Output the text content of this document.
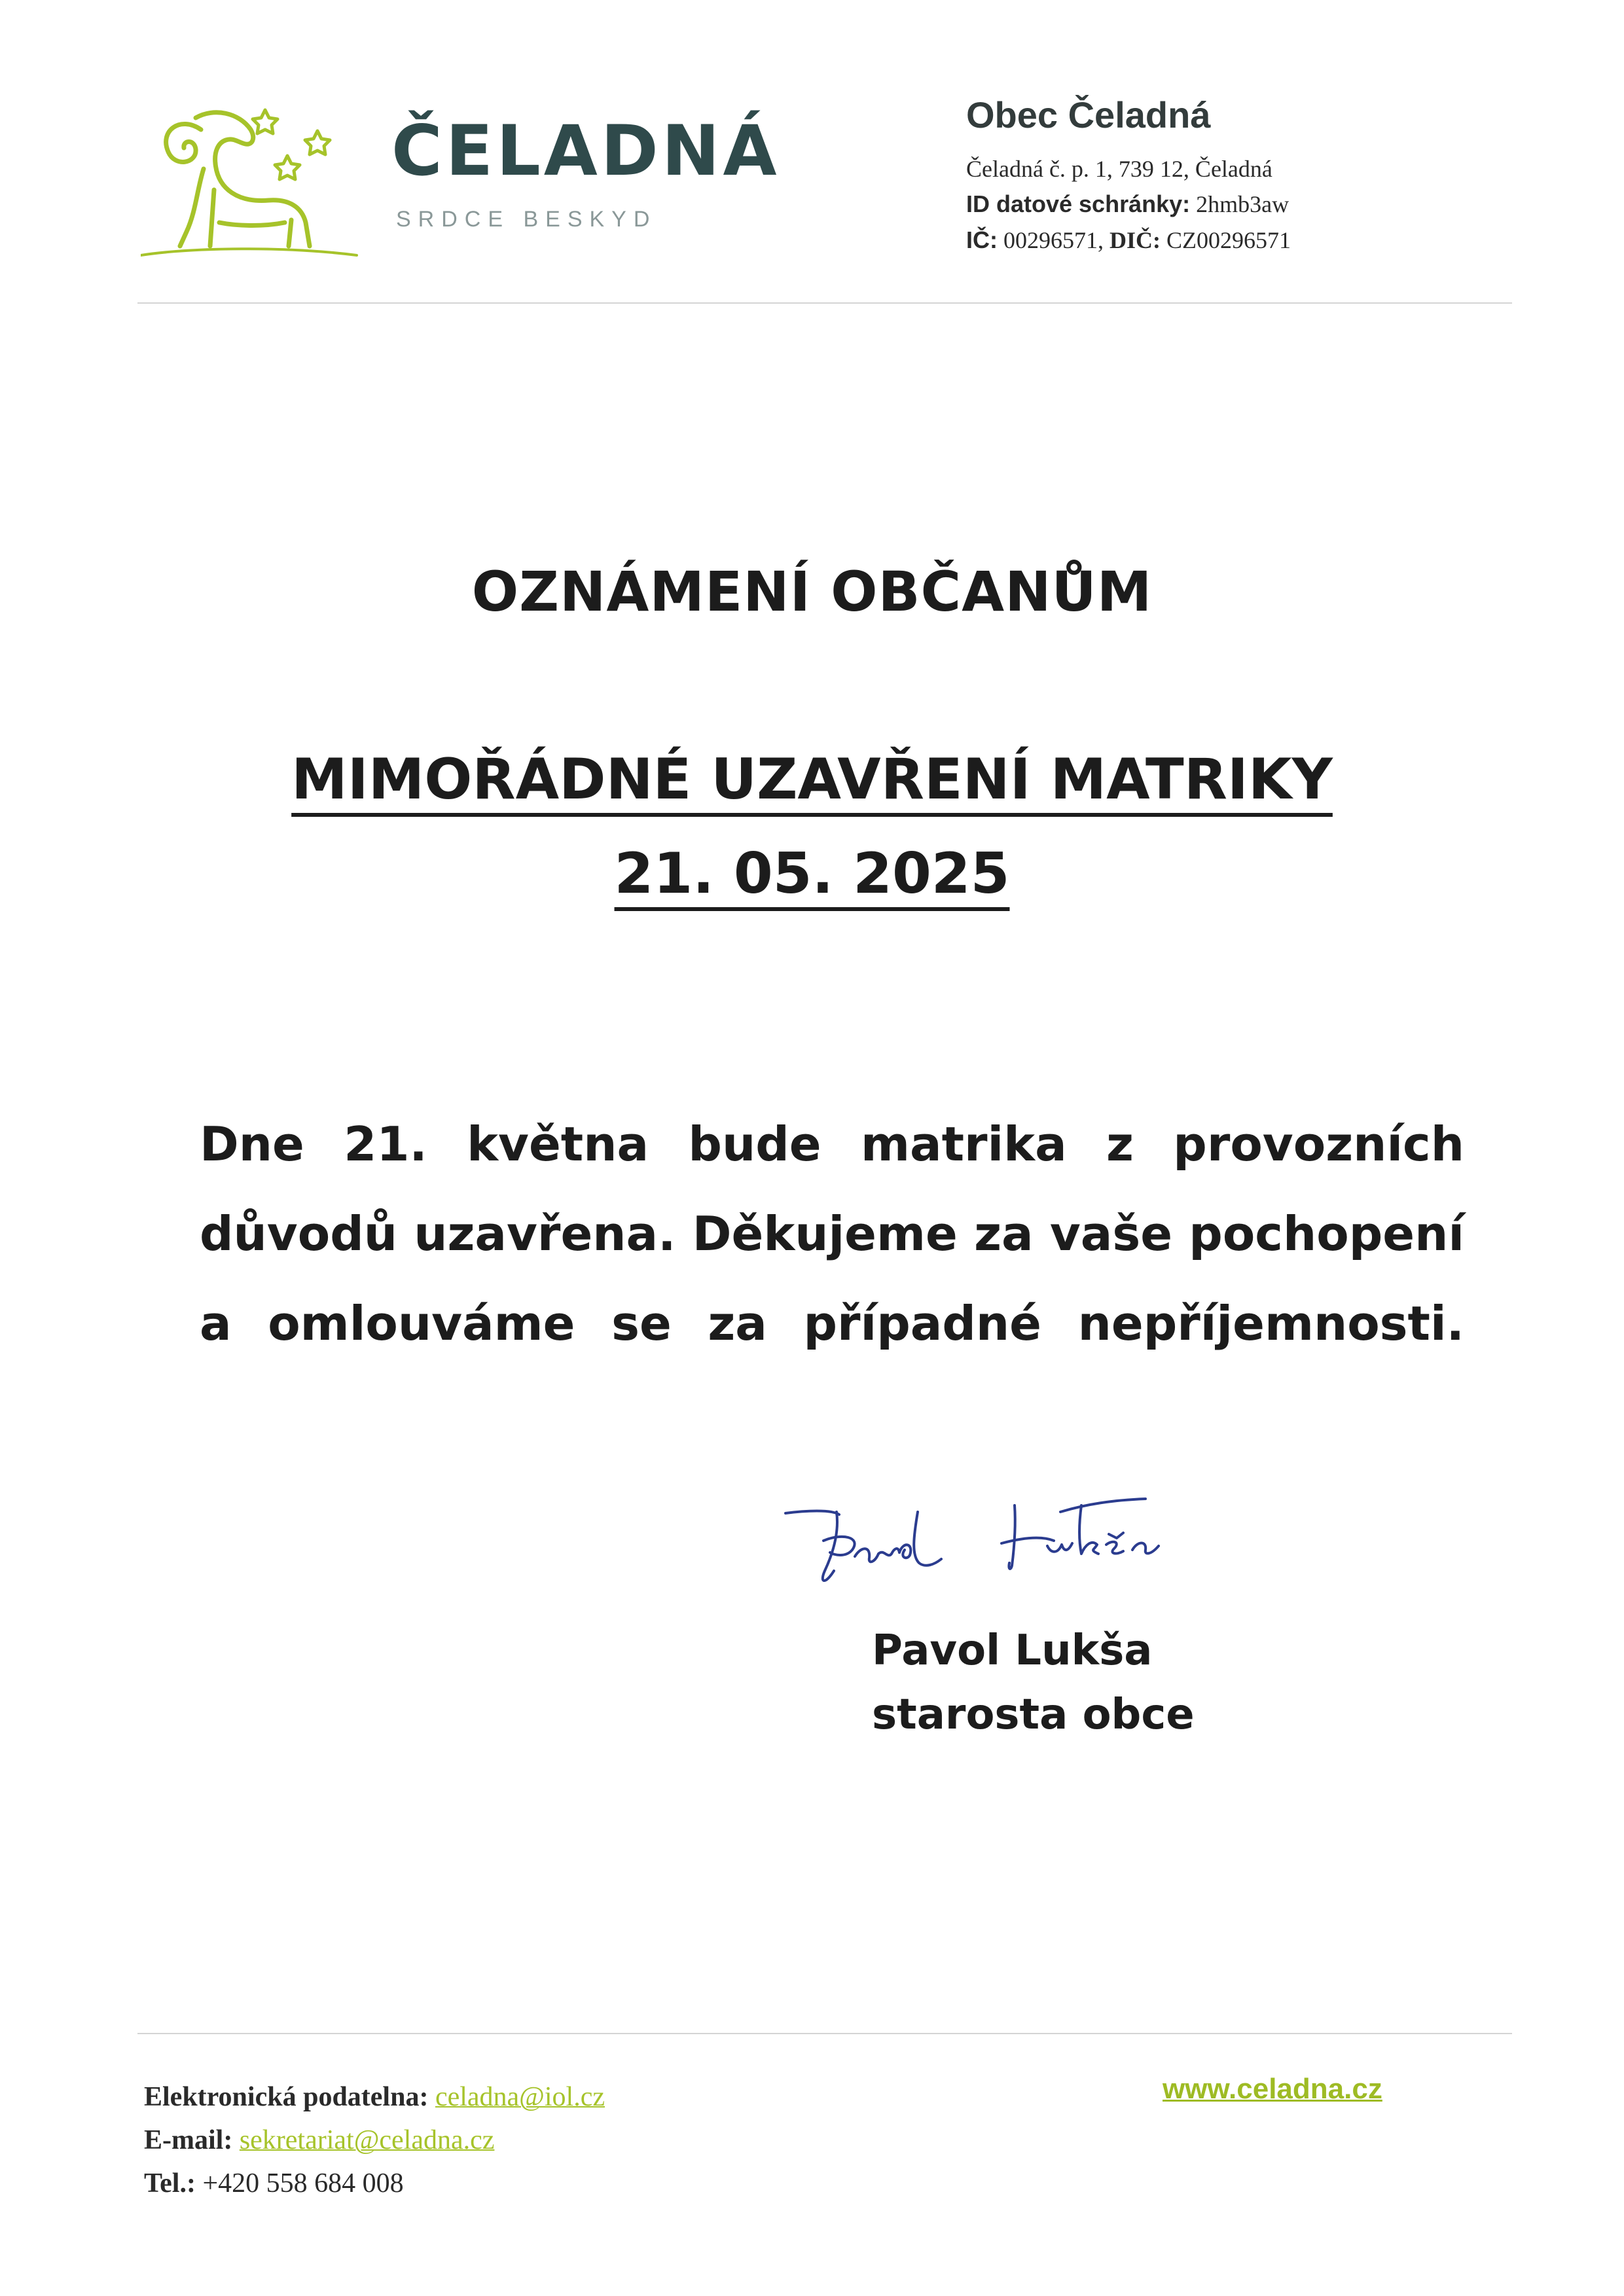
ČELADNÁ
SRDCE BESKYD
Obec Čeladná
Čeladná č. p. 1, 739 12, Čeladná
ID datové schránky: 2hmb3aw
IČ: 00296571, DIČ: CZ00296571
OZNÁMENÍ OBČANŮM
MIMOŘÁDNÉ UZAVŘENÍ MATRIKY
21. 05. 2025
Dne 21. května bude matrika z provozních
důvodů uzavřena. Děkujeme za vaše pochopení
a omlouváme se za případné nepříjemnosti.
Pavol Lukša
starosta obce
Elektronická podatelna: celadna@iol.cz
E-mail: sekretariat@celadna.cz
Tel.: +420 558 684 008
www.celadna.cz
